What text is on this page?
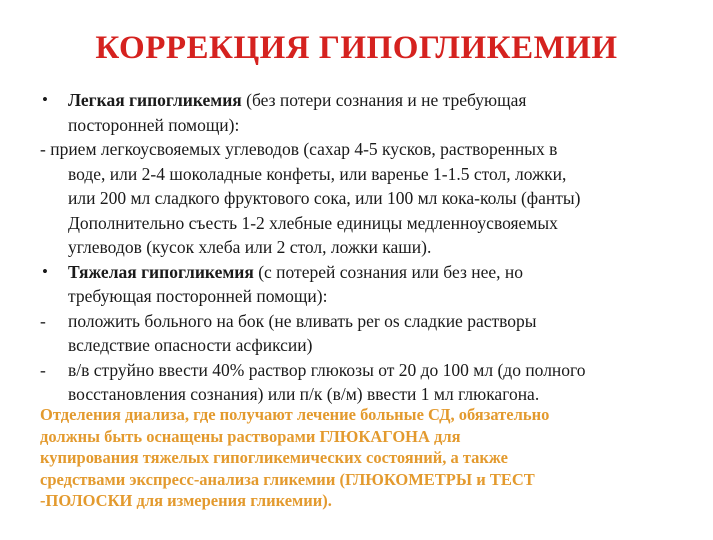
КОРРЕКЦИЯ ГИПОГЛИКЕМИИ
• Легкая гипогликемия (без потери сознания и не требующая
посторонней помощи):
- прием легкоусвояемых углеводов (сахар 4-5 кусков, растворенных в
воде, или 2-4 шоколадные конфеты, или варенье 1-1.5 стол, ложки,
или 200 мл сладкого фруктового сока, или 100 мл кока-колы (фанты)
Дополнительно съесть 1-2 хлебные единицы медленноусвояемых
углеводов (кусок хлеба или 2 стол, ложки каши).
• Тяжелая гипогликемия (с потерей сознания или без нее, но
требующая посторонней помощи):
- положить больного на бок (не вливать per os сладкие растворы
вследствие опасности асфиксии)
- в/в струйно ввести 40% раствор глюкозы от 20 до 100 мл (до полного
восстановления сознания) или п/к (в/м) ввести 1 мл глюкагона.
Отделения диализа, где получают лечение больные СД, обязательно
должны быть оснащены растворами ГЛЮКАГОНА для
купирования тяжелых гипогликемических состояний, а также
средствами экспресс-анализа гликемии (ГЛЮКОМЕТРЫ и ТЕСТ
-ПОЛОСКИ для измерения гликемии).
